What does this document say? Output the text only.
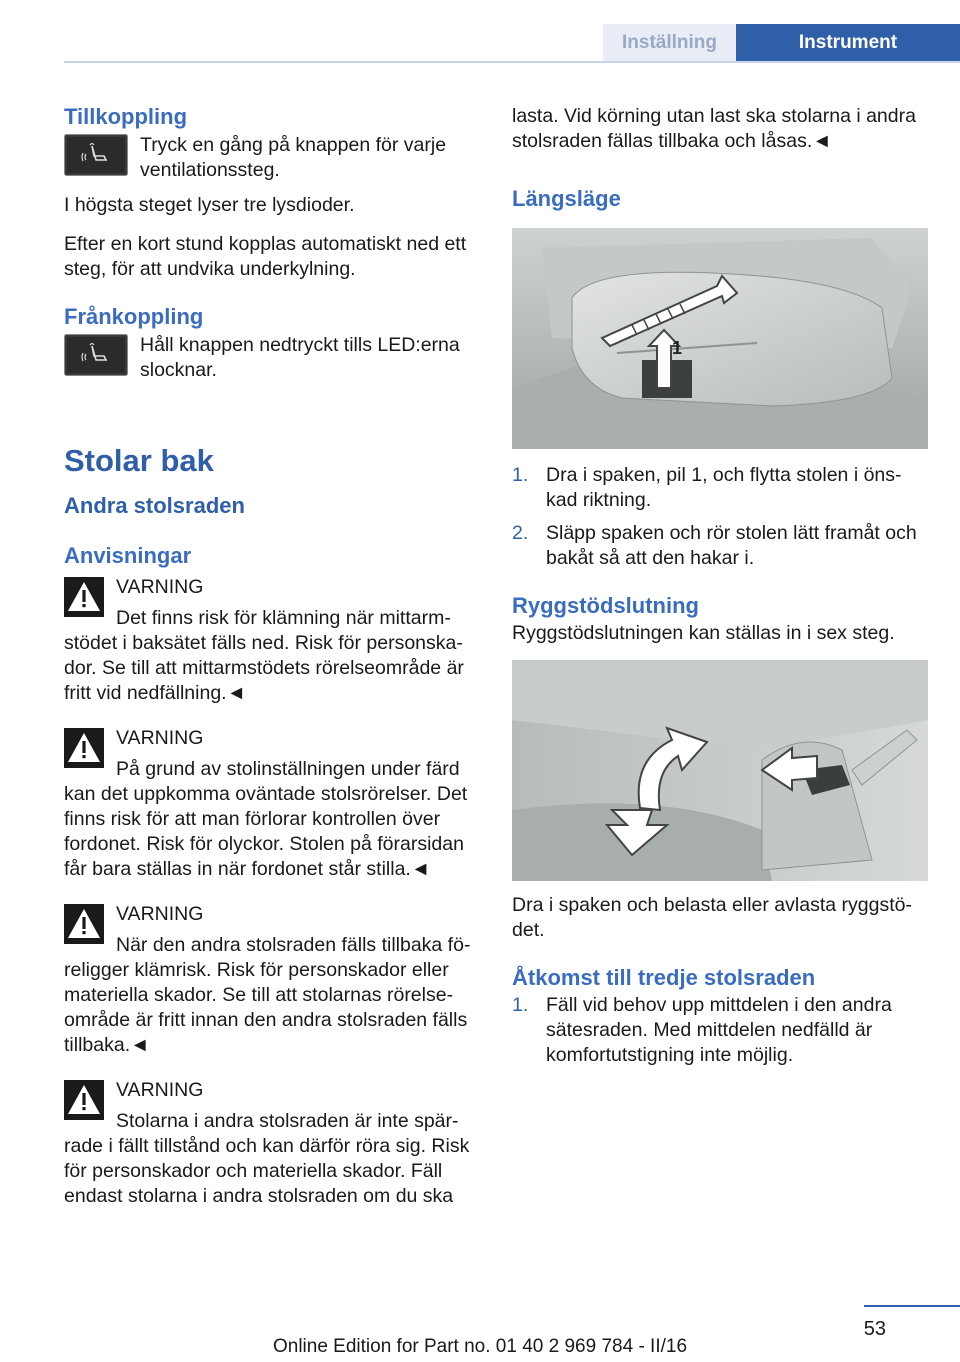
Inställning	Instrument
Tillkoppling

Tryck en gång på knappen för varje ventilationssteg.

I högsta steget lyser tre lysdioder.

Efter en kort stund kopplas automatiskt ned ett steg, för att undvika underkylning.

Frånkoppling

Håll knappen nedtryckt tills LED:erna slocknar.

Stolar bak
Andra stolsraden
Anvisningar

VARNING

Det finns risk för klämning när mittarm-

stödet i baksätet fälls ned. Risk för personska-dor. Se till att mittarmstödets rörelseområde är fritt vid nedfällning.◄

VARNING

På grund av stolinställningen under färd

kan det uppkomma oväntade stolsrörelser. Det finns risk för att man förlorar kontrollen över fordonet. Risk för olyckor. Stolen på förarsidan får bara ställas in när fordonet står stilla.◄

VARNING

När den andra stolsraden fälls tillbaka fö-

religger klämrisk. Risk för personskador eller materiella skador. Se till att stolarnas rörelse-område är fritt innan den andra stolsraden fälls tillbaka.◄

VARNING

Stolarna i andra stolsraden är inte spär-

rade i fällt tillstånd och kan därför röra sig. Risk för personskador och materiella skador. Fäll endast stolarna i andra stolsraden om du ska

lasta. Vid körning utan last ska stolarna i andra stolsraden fällas tillbaka och låsas.◄

Längsläge
1
1. Dra i spaken, pil 1, och flytta stolen i öns-kad riktning.
2. Släpp spaken och rör stolen lätt framåt och bakåt så att den hakar i.
Ryggstödslutning

Ryggstödslutningen kan ställas in i sex steg.

Dra i spaken och belasta eller avlasta ryggstö-det.

Åtkomst till tredje stolsraden
1. Fäll vid behov upp mittdelen i den andra sätesraden. Med mittdelen nedfälld är komfortutstigning inte möjlig.
53
Online Edition for Part no. 01 40 2 969 784 - II/16
